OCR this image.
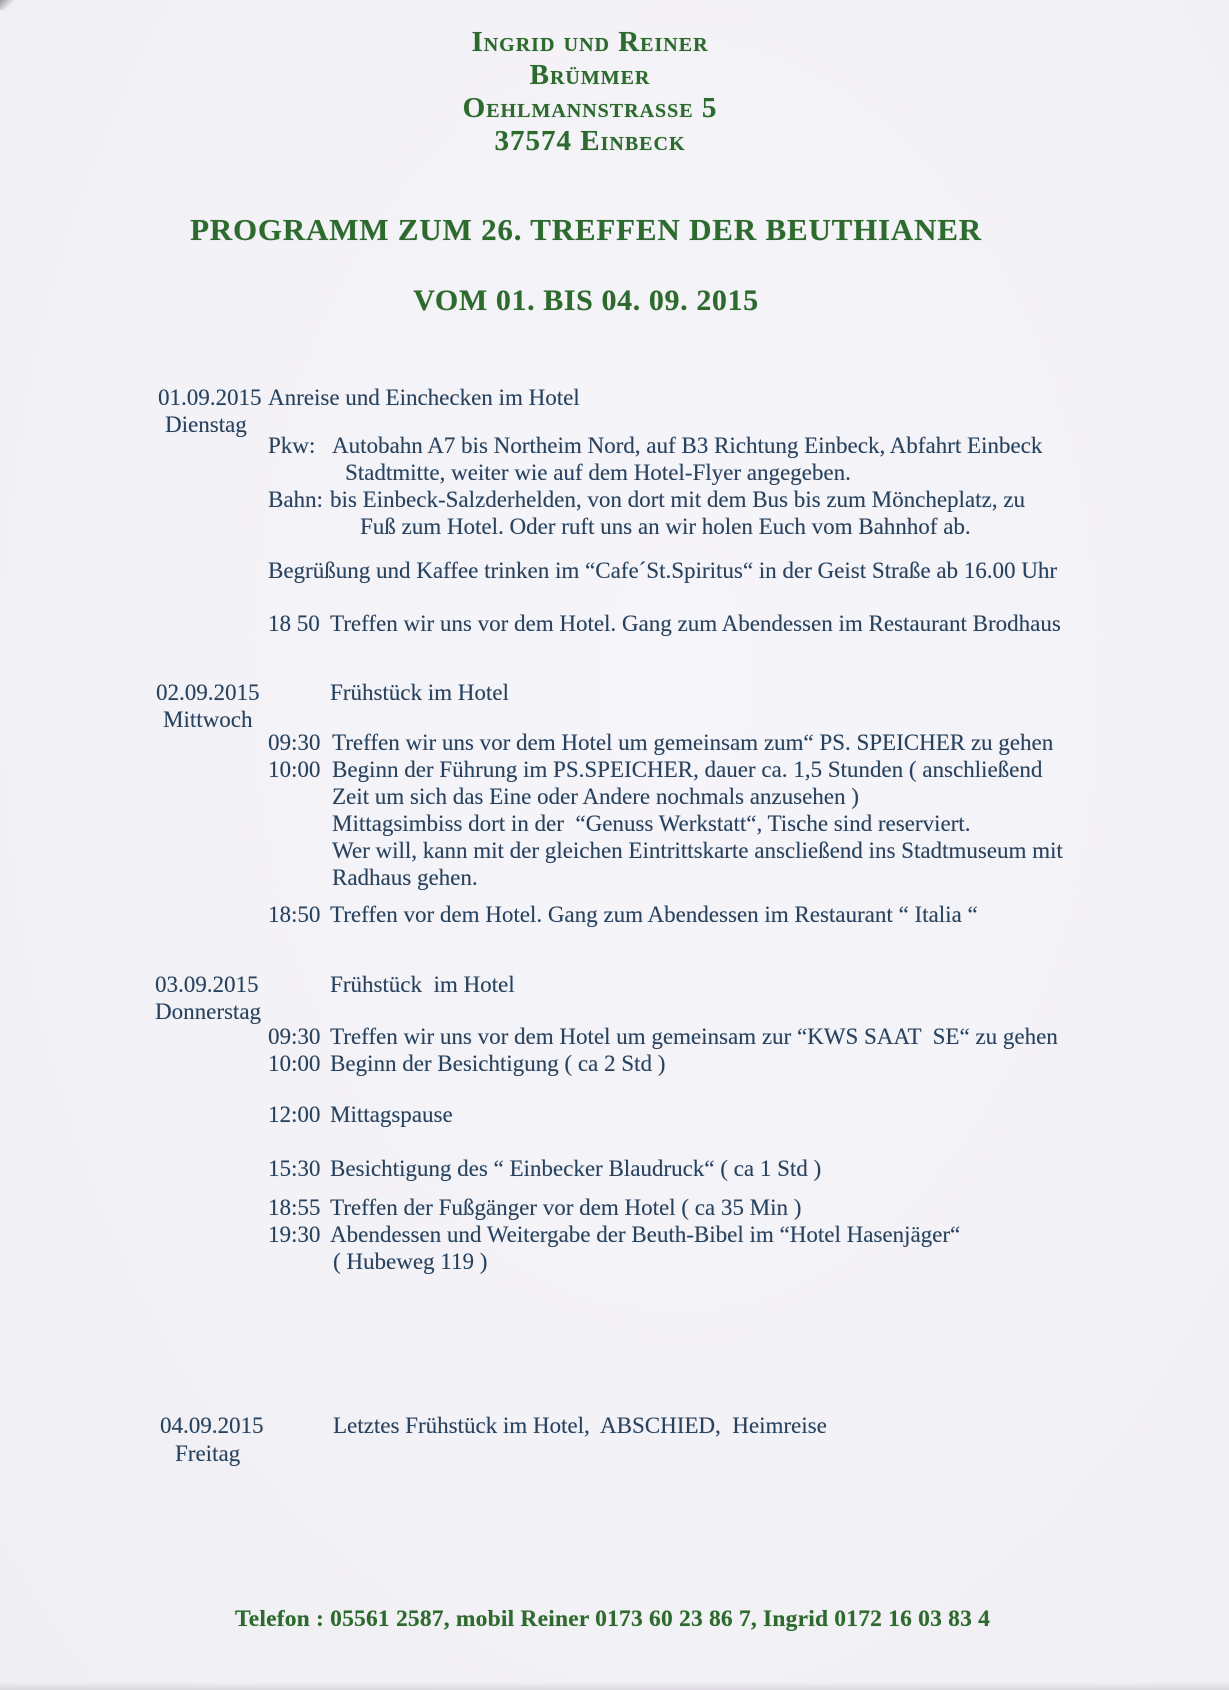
Ingrid und Reiner
Brümmer
Oehlmannstrasse 5
37574 Einbeck
PROGRAMM ZUM 26. TREFFEN DER BEUTHIANER
VOM 01. BIS 04. 09. 2015
01.09.2015
Dienstag
Anreise und Einchecken im Hotel
Pkw: Autobahn A7 bis Northeim Nord, auf B3 Richtung Einbeck, Abfahrt Einbeck
Stadtmitte, weiter wie auf dem Hotel-Flyer angegeben.
Bahn: bis Einbeck-Salzderhelden, von dort mit dem Bus bis zum Möncheplatz, zu
Fuß zum Hotel. Oder ruft uns an wir holen Euch vom Bahnhof ab.
Begrüßung und Kaffee trinken im “Cafe´St.Spiritus“ in der Geist Straße ab 16.00 Uhr
18 50 Treffen wir uns vor dem Hotel. Gang zum Abendessen im Restaurant Brodhaus
02.09.2015
Mittwoch
Frühstück im Hotel
09:30 Treffen wir uns vor dem Hotel um gemeinsam zum“ PS. SPEICHER zu gehen
10:00 Beginn der Führung im PS.SPEICHER, dauer ca. 1,5 Stunden ( anschließend
Zeit um sich das Eine oder Andere nochmals anzusehen )
Mittagsimbiss dort in der  “Genuss Werkstatt“, Tische sind reserviert.
Wer will, kann mit der gleichen Eintrittskarte anscließend ins Stadtmuseum mit
Radhaus gehen.
18:50 Treffen vor dem Hotel. Gang zum Abendessen im Restaurant “ Italia “
03.09.2015
Donnerstag
Frühstück  im Hotel
09:30 Treffen wir uns vor dem Hotel um gemeinsam zur “KWS SAAT  SE“ zu gehen
10:00 Beginn der Besichtigung ( ca 2 Std )
12:00 Mittagspause
15:30 Besichtigung des “ Einbecker Blaudruck“ ( ca 1 Std )
18:55 Treffen der Fußgänger vor dem Hotel ( ca 35 Min )
19:30 Abendessen und Weitergabe der Beuth-Bibel im “Hotel Hasenjäger“
( Hubeweg 119 )
04.09.2015
Freitag
Letztes Frühstück im Hotel,  ABSCHIED,  Heimreise
Telefon : 05561 2587, mobil Reiner 0173 60 23 86 7, Ingrid 0172 16 03 83 4
